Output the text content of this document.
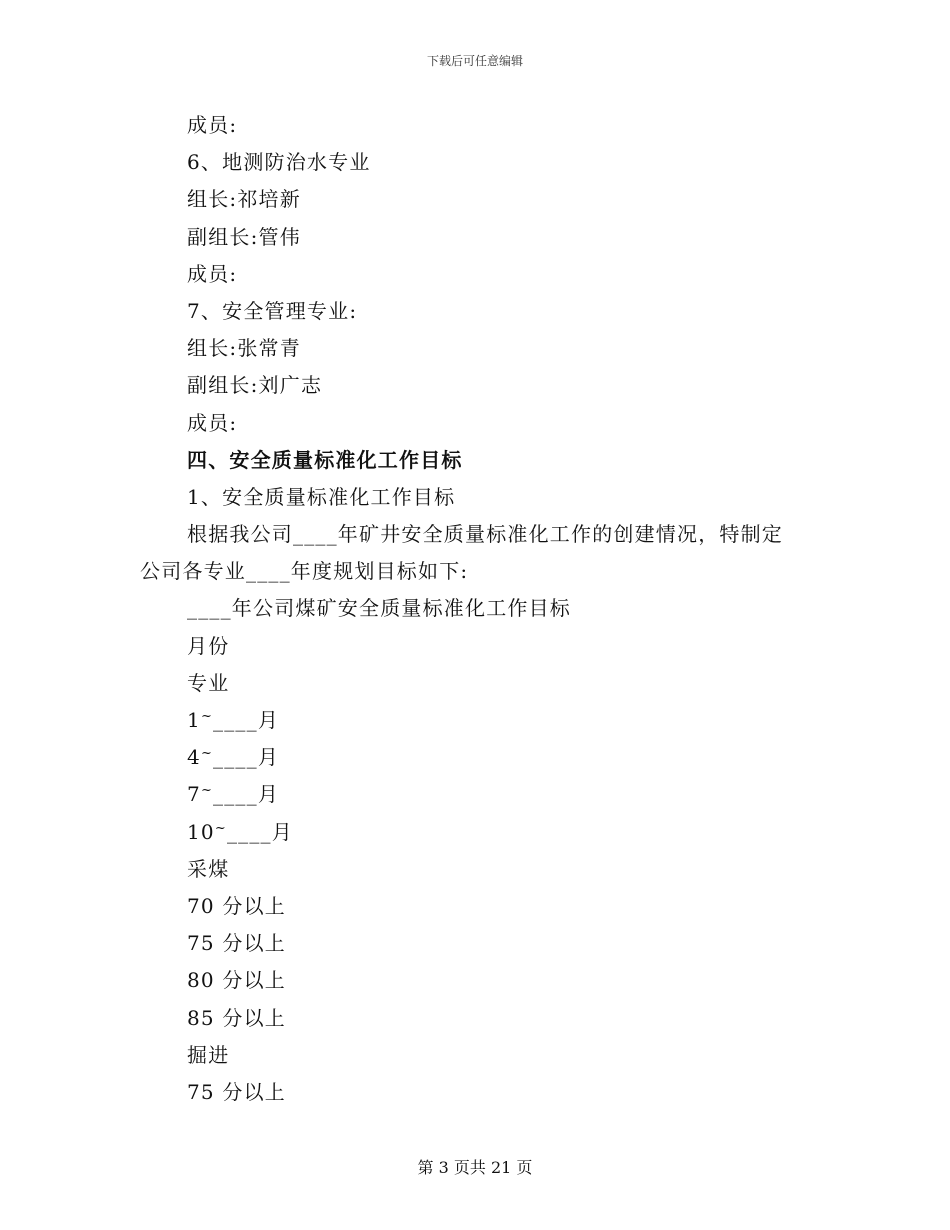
下载后可任意编辑
成员:
6、地测防治水专业
组长:祁培新
副组长:管伟
成员:
7、安全管理专业:
组长:张常青
副组长:刘广志
成员:
四、安全质量标准化工作目标
1、安全质量标准化工作目标
根据我公司____年矿井安全质量标准化工作的创建情况，特制定
公司各专业____年度规划目标如下:
____年公司煤矿安全质量标准化工作目标
月份
专业
1~____月
4~____月
7~____月
10~____月
采煤
70 分以上
75 分以上
80 分以上
85 分以上
掘进
75 分以上
第 3 页共 21 页
